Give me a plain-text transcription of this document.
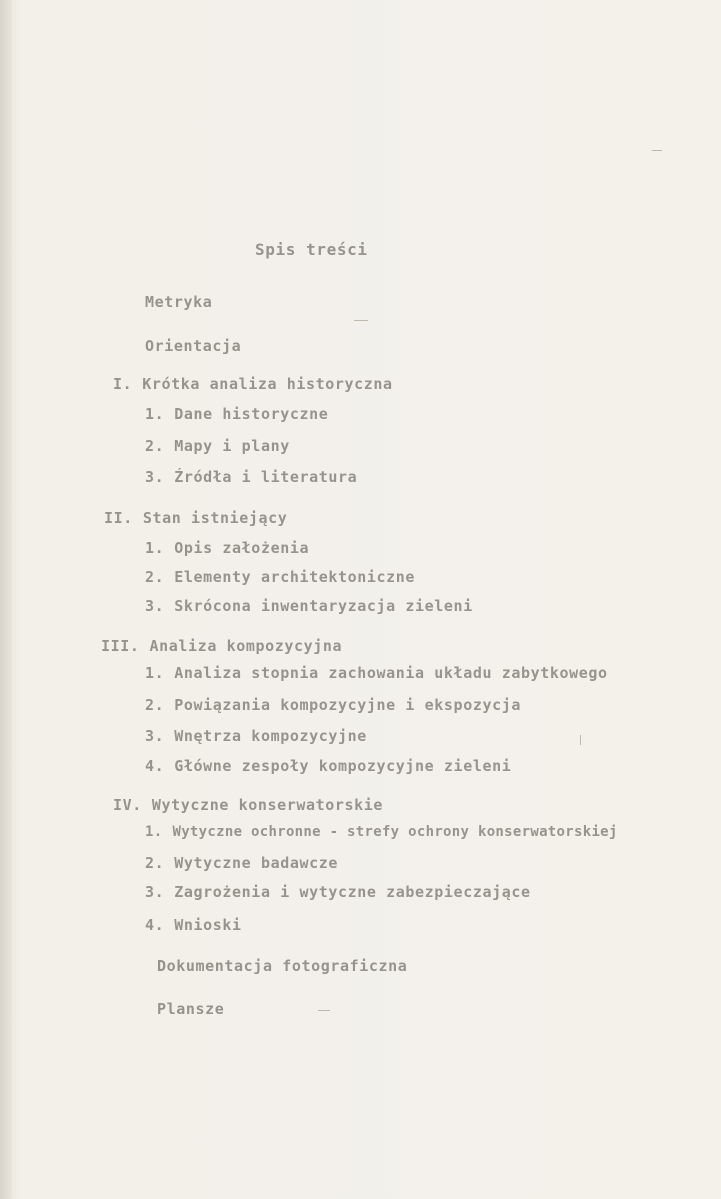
Spis treści
Metryka
Orientacja
I. Krótka analiza historyczna
1. Dane historyczne
2. Mapy i plany
3. Źródła i literatura
II. Stan istniejący
1. Opis założenia
2. Elementy architektoniczne
3. Skrócona inwentaryzacja zieleni
III. Analiza kompozycyjna
1. Analiza stopnia zachowania układu zabytkowego
2. Powiązania kompozycyjne i ekspozycja
3. Wnętrza kompozycyjne
4. Główne zespoły kompozycyjne zieleni
IV. Wytyczne konserwatorskie
1. Wytyczne ochronne - strefy ochrony konserwatorskiej
2. Wytyczne badawcze
3. Zagrożenia i wytyczne zabezpieczające
4. Wnioski
Dokumentacja fotograficzna
Plansze
